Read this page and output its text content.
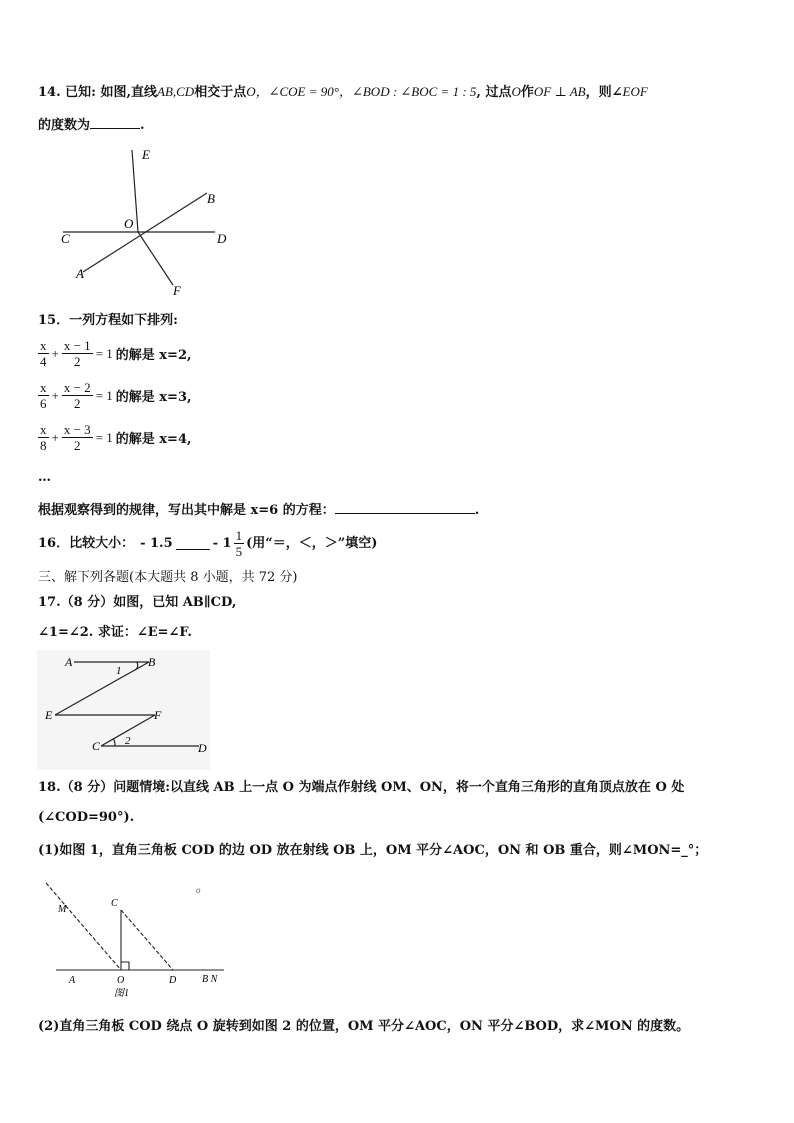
14. 已知: 如图,直线AB,CD相交于点O，∠COE = 90°，∠BOD : ∠BOC = 1 : 5, 过点O作OF ⊥ AB，则∠EOF
的度数为	.
E
B
O
C	D
A
F
15．一列方程如下排列:
$\frac{x}{4} + \frac{x - 1}{2} = 1$ 的解是 x=2,
$\frac{x}{6} + \frac{x - 2}{2} = 1$ 的解是 x=3,
$\frac{x}{8} + \frac{x - 3}{2} = 1$ 的解是 x=4,
…
根据观察得到的规律，写出其中解是 x=6 的方程：	.
16．比较大小： - 1.5	- $1 \frac{1}{5}$ (用“＝，＜，＞”填空)
三、解下列各题(本大题共 8 小题，共 72 分)
17.（8 分）如图，已知 AB∥CD,
∠1=∠2. 求证：∠E=∠F.
A	B
1
E	F
C 2	D
18.（8 分）问题情境:以直线 AB 上一点 O 为端点作射线 OM、ON，将一个直角三角形的直角顶点放在 O 处
(∠COD=90°).
(1)如图 1，直角三角板 COD 的边 OD 放在射线 OB 上，OM 平分∠AOC，ON 和 OB 重合，则∠MON=_°；
M
C
o
A	O	D	B N
图1
(2)直角三角板 COD 绕点 O 旋转到如图 2 的位置，OM 平分∠AOC，ON 平分∠BOD，求∠MON 的度数。
